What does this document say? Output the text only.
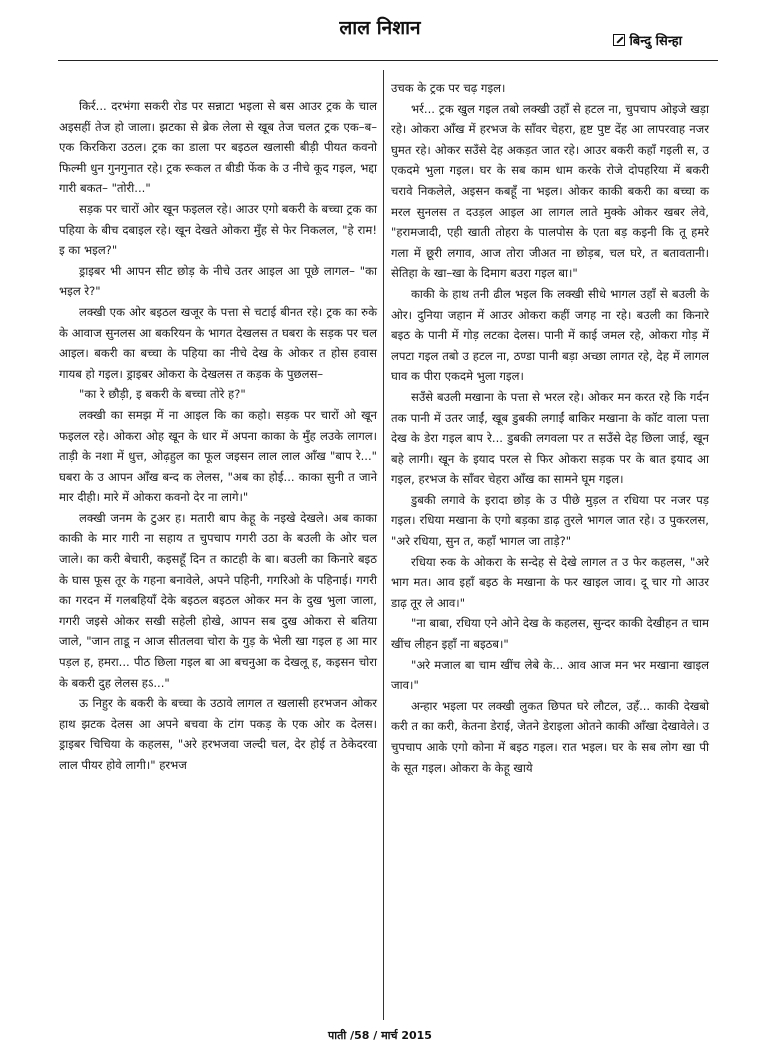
लाल निशान
बिन्दु सिन्हा

किर्र... दरभंगा सकरी रोड पर सन्नाटा भइला से बस आउर ट्रक के चाल अइसहीं तेज हो जाला। झटका से ब्रेक लेला से खूब तेज चलत ट्रक एक–ब–एक किरकिरा उठल। ट्रक का डाला पर बइठल खलासी बीड़ी पीयत कवनो फिल्मी धुन गुनगुनात रहे। ट्रक रूकल त बीडी फेंक के उ नीचे कूद गइल, भद्दा गारी बकत– "तोरी..."

सड़क पर चारों ओर खून फइलल रहे। आउर एगो बकरी के बच्चा ट्रक का पहिया के बीच दबाइल रहे। खून देखते ओकरा मुँह से फेर निकलल, "हे राम! इ का भइल?"

ड्राइबर भी आपन सीट छोड़ के नीचे उतर आइल आ पूछे लागल– "का भइल रे?"

लक्खी एक ओर बइठल खजूर के पत्ता से चटाई बीनत रहे। ट्रक का रुके के आवाज सुनलस आ बकरियन के भागत देखलस त घबरा के सड़क पर चल आइल। बकरी का बच्चा के पहिया का नीचे देख के ओकर त होस हवास गायब हो गइल। ड्राइबर ओकरा के देखलस त कड़क के पुछलस–

"का रे छौड़ी, इ बकरी के बच्चा तोरे ह?"

लक्खी का समझ में ना आइल कि का कहो। सड़क पर चारों ओ खून फइलल रहे। ओकरा ओह खून के धार में अपना काका के मुँह लउके लागल। ताड़ी के नशा में धुत्त, ओढ़हुल का फूल जइसन लाल लाल आँख "बाप रे..." घबरा के उ आपन आँख बन्द क लेलस, "अब का होई... काका सुनी त जाने मार दीही। मारे में ओकरा कवनो देर ना लागे।"

लक्खी जनम के टुअर ह। मतारी बाप केहू के नइखे देखले। अब काका काकी के मार गारी ना सहाय त चुपचाप गगरी उठा के बउली के ओर चल जाले। का करी बेचारी, कइसहूँ दिन त काटही के बा। बउली का किनारे बइठ के घास फूस तूर के गहना बनावेले, अपने पहिनी, गगरिओ के पहिनाई। गगरी का गरदन में गलबहियाँ देके बइठल बइठल ओकर मन के दुख भुला जाला, गगरी जइसे ओकर सखी सहेली होखे, आपन सब दुख ओकरा से बतिया जाले, "जान ताडू न आज सीतलवा चोरा के गुड़ के भेली खा गइल ह आ मार पड़ल ह, हमरा... पीठ छिला गइल बा आ बचनुआ क देखलू ह, कइसन चोरा के बकरी दुह लेलस हऽ..."

ऊ निहुर के बकरी के बच्चा के उठावे लागल त खलासी हरभजन ओकर हाथ झटक देलस आ अपने बचवा के टांग पकड़ के एक ओर क देलस। ड्राइबर चिचिया के कहलस, "अरे हरभजवा जल्दी चल, देर होई त ठेकेदरवा लाल पीयर होवे लागी।" हरभज

उचक के ट्रक पर चढ़ गइल।

भर्र... ट्रक खुल गइल तबो लक्खी उहाँ से हटल ना, चुपचाप ओइजे खड़ा रहे। ओकरा आँख में हरभज के साँवर चेहरा, हृष्ट पुष्ट देंह आ लापरवाह नजर घुमत रहे। ओकर सउँसे देह अकड़त जात रहे। आउर बकरी कहाँ गइली स, उ एकदमे भुला गइल। घर के सब काम धाम करके रोजे दोपहरिया में बकरी चरावे निकलेले, अइसन कबहूँ ना भइल। ओकर काकी बकरी का बच्चा क मरल सुनलस त दउड़ल आइल आ लागल लाते मुक्के ओकर खबर लेवे, "हरामजादी, एही खाती तोहरा के पालपोस के एता बड़ कइनी कि तू हमरे गला में छूरी लगाव, आज तोरा जीअत ना छोड़ब, चल घरे, त बतावतानी। सेतिहा के खा–खा के दिमाग बउरा गइल बा।"

काकी के हाथ तनी ढील भइल कि लक्खी सीधे भागल उहाँ से बउली के ओर। दुनिया जहान में आउर ओकरा कहीं जगह ना रहे। बउली का किनारे बइठ के पानी में गोड़ लटका देलस। पानी में काई जमल रहे, ओकरा गोड़ में लपटा गइल तबो उ हटल ना, ठण्डा पानी बड़ा अच्छा लागत रहे, देह में लागल घाव क पीरा एकदमे भुला गइल।

सउँसे बउली मखाना के पत्ता से भरल रहे। ओकर मन करत रहे कि गर्दन तक पानी में उतर जाईं, खूब डुबकी लगाईं बाकिर मखाना के कॉट वाला पत्ता देख के डेरा गइल बाप रे... डुबकी लगवला पर त सउँसे देह छिला जाई, खून बहे लागी। खून के इयाद परल से फिर ओकरा सड़क पर के बात इयाद आ गइल, हरभज के साँवर चेहरा आँख का सामने घूम गइल।

डुबकी लगावे के इरादा छोड़ के उ पीछे मुड़ल त रधिया पर नजर पड़ गइल। रधिया मखाना के एगो बड़का डाढ़ तुरले भागल जात रहे। उ पुकरलस, "अरे रधिया, सुन त, कहाँ भागल जा ताड़े?"

रधिया रुक के ओकरा के सन्देह से देखे लागल त उ फेर कहलस, "अरे भाग मत। आव इहाँ बइठ के मखाना के फर खाइल जाव। दू चार गो आउर डाढ़ तूर ले आव।"

"ना बाबा, रधिया एने ओने देख के कहलस, सुन्दर काकी देखीहन त चाम खींच लीहन इहाँ ना बइठब।"

"अरे मजाल बा चाम खींच लेबे के... आव आज मन भर मखाना खाइल जाव।"

अन्हार भइला पर लक्खी लुकत छिपत घरे लौटल, उहँ... काकी देखबो करी त का करी, केतना डेराई, जेतने डेराइला ओतने काकी आँखा देखावेले। उ चुपचाप आके एगो कोना में बइठ गइल। रात भइल। घर के सब लोग खा पी के सूत गइल। ओकरा के केहू खाये

पाती /58 / मार्च 2015
